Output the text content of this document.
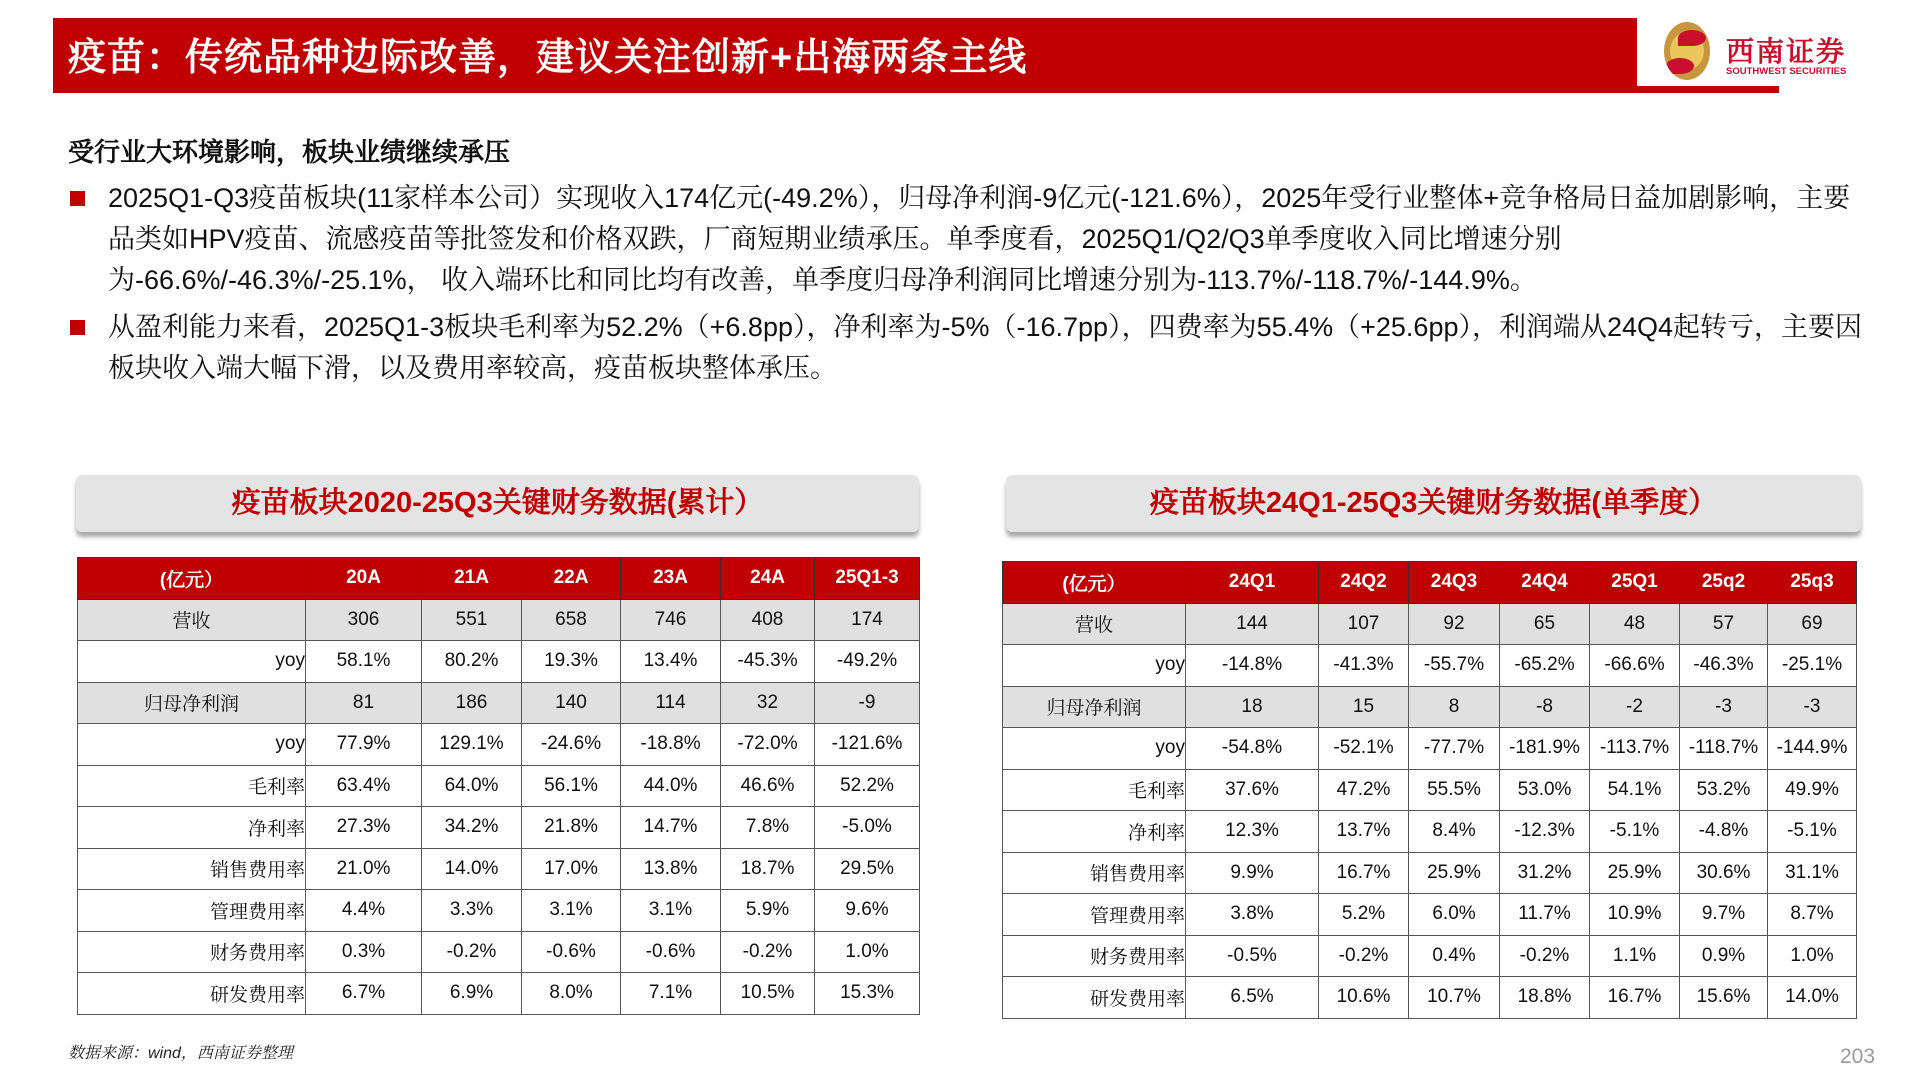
疫苗：传统品种边际改善，建议关注创新+出海两条主线	西南证券
SOUTHWEST SECURITIES
受行业大环境影响，板块业绩继续承压
2025Q1-Q3疫苗板块(11家样本公司）实现收入174亿元(-49.2%），归母净利润-9亿元(-121.6%），2025年受行业整体+竞争格局日益加剧影响，主要品类如HPV疫苗、流感疫苗等批签发和价格双跌，厂商短期业绩承压。单季度看，2025Q1/Q2/Q3单季度收入同比增速分别为-66.6%/-46.3%/-25.1%， 收入端环比和同比均有改善，单季度归母净利润同比增速分别为-113.7%/-118.7%/-144.9%。
从盈利能力来看，2025Q1-3板块毛利率为52.2%（+6.8pp），净利率为-5%（-16.7pp），四费率为55.4%（+25.6pp），利润端从24Q4起转亏，主要因板块收入端大幅下滑，以及费用率较高，疫苗板块整体承压。
疫苗板块2020-25Q3关键财务数据(累计）	疫苗板块24Q1-25Q3关键财务数据(单季度）
(亿元）	20A	21A	22A	23A	24A	25Q1-3
营收	306	551	658	746	408	174
yoy	58.1%	80.2%	19.3%	13.4%	-45.3%	-49.2%
归母净利润	81	186	140	114	32	-9
yoy	77.9%	129.1%	-24.6%	-18.8%	-72.0%	-121.6%
毛利率	63.4%	64.0%	56.1%	44.0%	46.6%	52.2%
净利率	27.3%	34.2%	21.8%	14.7%	7.8%	-5.0%
销售费用率	21.0%	14.0%	17.0%	13.8%	18.7%	29.5%
管理费用率	4.4%	3.3%	3.1%	3.1%	5.9%	9.6%
财务费用率	0.3%	-0.2%	-0.6%	-0.6%	-0.2%	1.0%
研发费用率	6.7%	6.9%	8.0%	7.1%	10.5%	15.3%
(亿元）	24Q1	24Q2	24Q3	24Q4	25Q1	25q2	25q3
营收	144	107	92	65	48	57	69
yoy	-14.8%	-41.3%	-55.7%	-65.2%	-66.6%	-46.3%	-25.1%
归母净利润	18	15	8	-8	-2	-3	-3
yoy	-54.8%	-52.1%	-77.7%	-181.9%	-113.7%	-118.7%	-144.9%
毛利率	37.6%	47.2%	55.5%	53.0%	54.1%	53.2%	49.9%
净利率	12.3%	13.7%	8.4%	-12.3%	-5.1%	-4.8%	-5.1%
销售费用率	9.9%	16.7%	25.9%	31.2%	25.9%	30.6%	31.1%
管理费用率	3.8%	5.2%	6.0%	11.7%	10.9%	9.7%	8.7%
财务费用率	-0.5%	-0.2%	0.4%	-0.2%	1.1%	0.9%	1.0%
研发费用率	6.5%	10.6%	10.7%	18.8%	16.7%	15.6%	14.0%
数据来源：wind，西南证券整理	203
